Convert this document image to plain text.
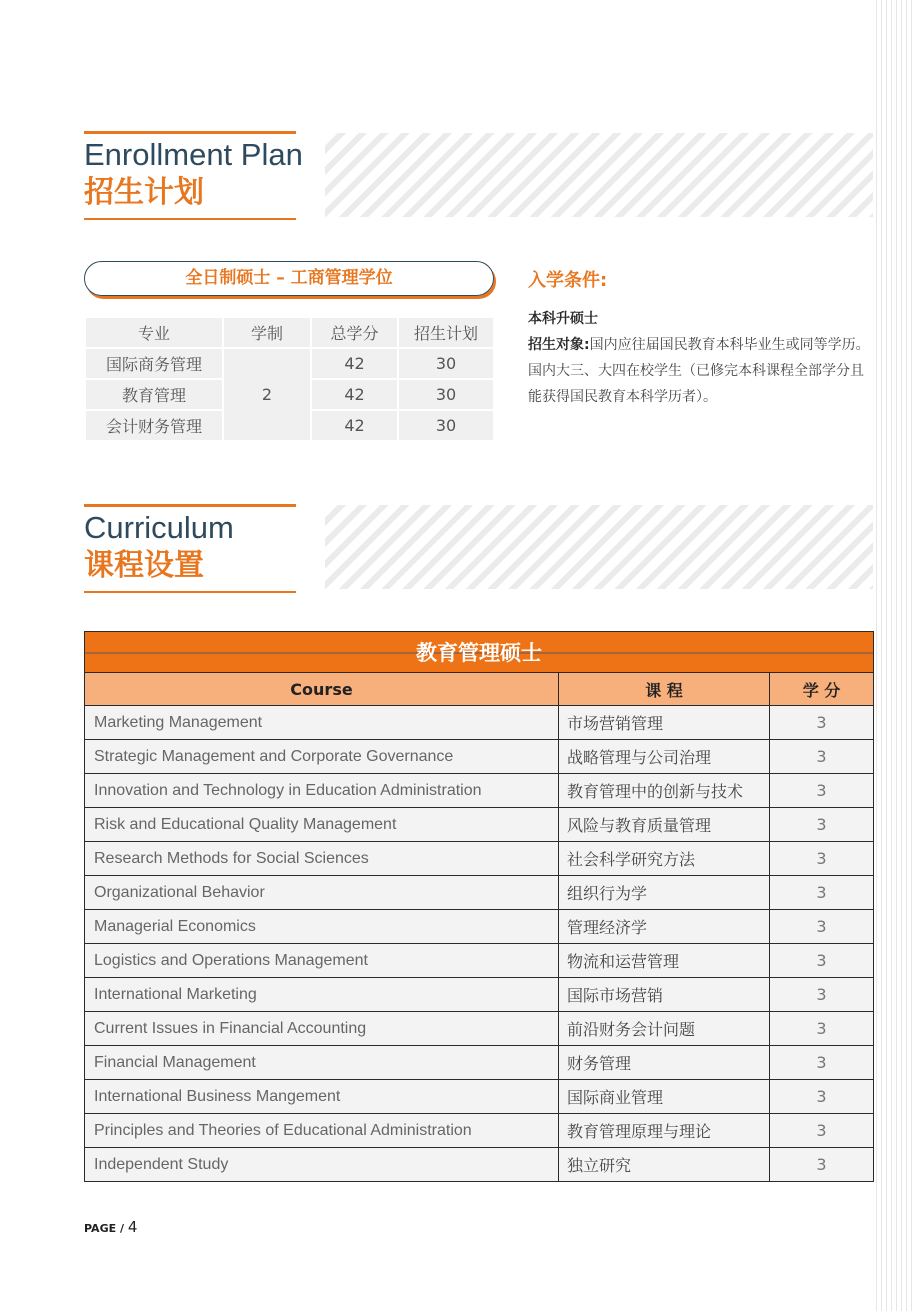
Enrollment Plan
招生计划
全日制硕士 – 工商管理学位
专业	学制	总学分	招生计划
国际商务管理	2	42	30
教育管理		42	30
会计财务管理		42	30
入学条件:
本科升硕士
招生对象:国内应往届国民教育本科毕业生或同等学历。
国内大三、大四在校学生（已修完本科课程全部学分且能获得国民教育本科学历者）。
Curriculum
课程设置
教育管理硕士		
Course	课 程	学 分
Marketing Management	市场营销管理	3
Strategic Management and Corporate Governance	战略管理与公司治理	3
Innovation and Technology in Education Administration	教育管理中的创新与技术	3
Risk and Educational Quality Management	风险与教育质量管理	3
Research Methods for Social Sciences	社会科学研究方法	3
Organizational Behavior	组织行为学	3
Managerial Economics	管理经济学	3
Logistics and Operations Management	物流和运营管理	3
International Marketing	国际市场营销	3
Current Issues in Financial Accounting	前沿财务会计问题	3
Financial Management	财务管理	3
International Business Mangement	国际商业管理	3
Principles and Theories of Educational Administration	教育管理原理与理论	3
Independent Study	独立研究	3
PAGE / 4
